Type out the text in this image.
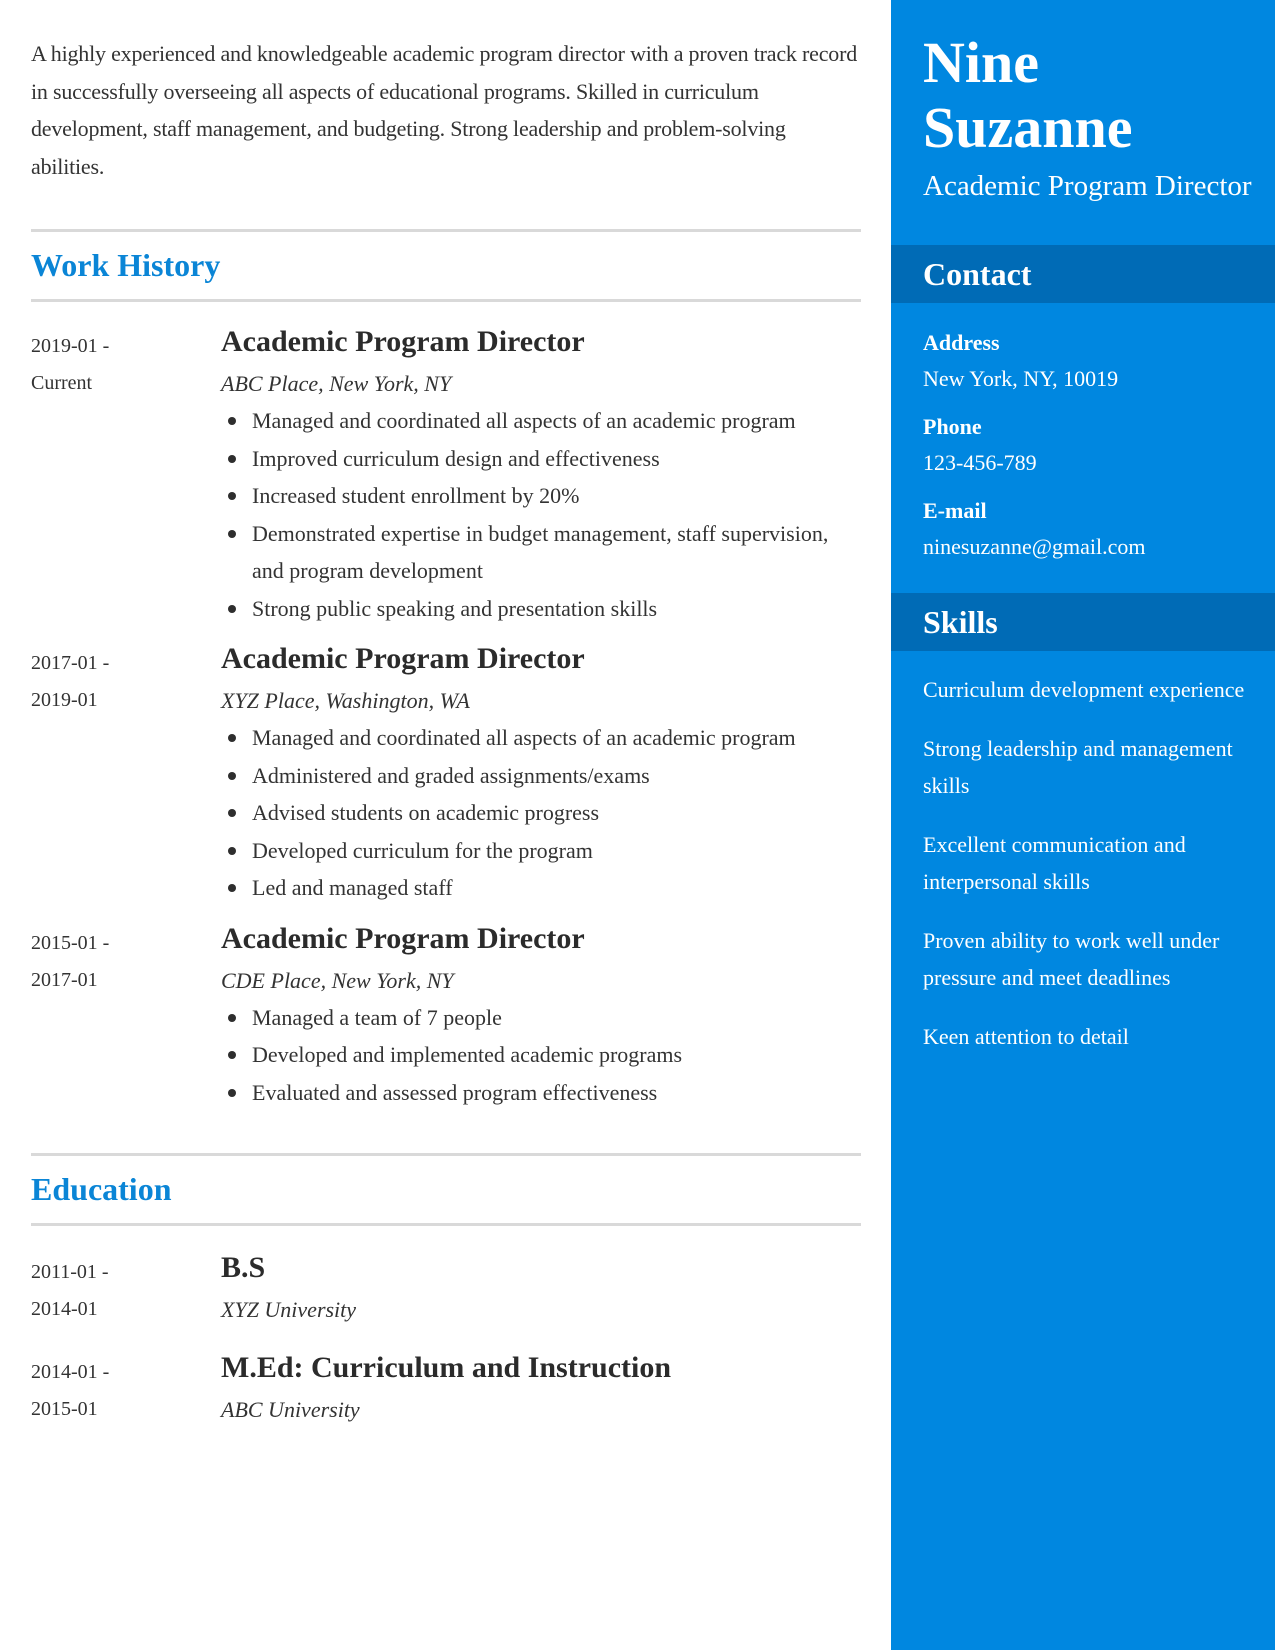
A highly experienced and knowledgeable academic program director with a proven track record in successfully overseeing all aspects of educational programs. Skilled in curriculum development, staff management, and budgeting. Strong leadership and problem-solving abilities.

Work History
2019-01 -
Current
Academic Program Director
ABC Place, New York, NY
Managed and coordinated all aspects of an academic program
Improved curriculum design and effectiveness
Increased student enrollment by 20%
Demonstrated expertise in budget management, staff supervision, and program development
Strong public speaking and presentation skills
2017-01 -
2019-01
Academic Program Director
XYZ Place, Washington, WA
Managed and coordinated all aspects of an academic program
Administered and graded assignments/exams
Advised students on academic progress
Developed curriculum for the program
Led and managed staff
2015-01 -
2017-01
Academic Program Director
CDE Place, New York, NY
Managed a team of 7 people
Developed and implemented academic programs
Evaluated and assessed program effectiveness
Education
2011-01 -
2014-01
B.S
XYZ University
2014-01 -
2015-01
M.Ed: Curriculum and Instruction
ABC University
Nine
Suzanne
Academic Program Director
Contact
Address
New York, NY, 10019
Phone
123-456-789
E-mail
ninesuzanne@gmail.com
Skills
Curriculum development experience
Strong leadership and management skills
Excellent communication and interpersonal skills
Proven ability to work well under pressure and meet deadlines
Keen attention to detail
